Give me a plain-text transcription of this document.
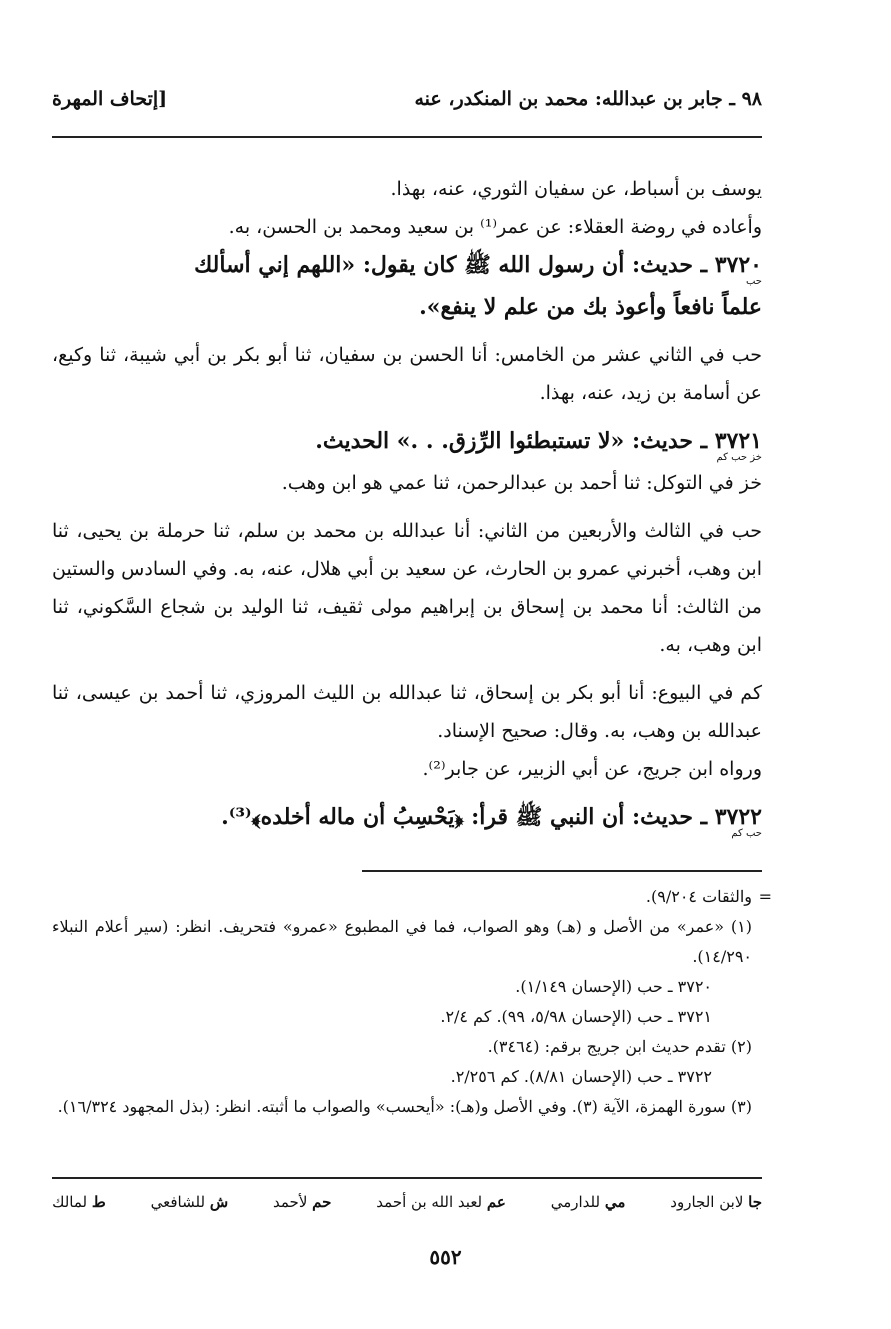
٩٨ ـ جابر بن عبدالله: محمد بن المنكدر، عنه
[إتحاف المهرة

يوسف بن أسباط، عن سفيان الثوري، عنه، بهذا.

وأعاده في روضة العقلاء: عن عمر⁽¹⁾ بن سعيد ومحمد بن الحسن، به.

٣٧٢٠ ـ حديث: أن رسول الله ﷺ كان يقول: «اللهم إني أسألك

حب

علماً نافعاً وأعوذ بك من علم لا ينفع».

حب في الثاني عشر من الخامس: أنا الحسن بن سفيان، ثنا أبو بكر بن أبي شيبة، ثنا وكيع، عن أسامة بن زيد، عنه، بهذا.

٣٧٢١ ـ حديث: «لا تستبطئوا الرِّزق. . .» الحديث.

خز حب كم

خز في التوكل: ثنا أحمد بن عبدالرحمن، ثنا عمي هو ابن وهب.

حب في الثالث والأربعين من الثاني: أنا عبدالله بن محمد بن سلم، ثنا حرملة بن يحيى، ثنا ابن وهب، أخبرني عمرو بن الحارث، عن سعيد بن أبي هلال، عنه، به. وفي السادس والستين من الثالث: أنا محمد بن إسحاق بن إبراهيم مولى ثقيف، ثنا الوليد بن شجاع السَّكوني، ثنا ابن وهب، به.

كم في البيوع: أنا أبو بكر بن إسحاق، ثنا عبدالله بن الليث المروزي، ثنا أحمد بن عيسى، ثنا عبدالله بن وهب، به. وقال: صحيح الإسناد.

ورواه ابن جريج، عن أبي الزبير، عن جابر⁽²⁾.

٣٧٢٢ ـ حديث: أن النبي ﷺ قرأ: ﴿يَحْسِبُ أن ماله أخلده﴾⁽³⁾.

حب كم

=
والثقات ٩/٢٠٤).
(١) «عمر» من الأصل و (هـ) وهو الصواب، فما في المطبوع «عمرو» فتحريف. انظر: (سير أعلام النبلاء ١٤/٢٩٠).
٣٧٢٠ ـ حب (الإحسان ١/١٤٩).
٣٧٢١ ـ حب (الإحسان ٥/٩٨، ٩٩). كم ٢/٤.
(٢) تقدم حديث ابن جريج برقم: (٣٤٦٤).
٣٧٢٢ ـ حب (الإحسان ٨/٨١). كم ٢/٢٥٦.
(٣) سورة الهمزة، الآية (٣). وفي الأصل و(هـ): «أيحسب» والصواب ما أثبته. انظر: (بذل المجهود ١٦/٣٢٤).
ط لمالك	ش للشافعي	حم لأحمد	عم لعبد الله بن أحمد	مي للدارمي	جا لابن الجارود
٥٥٢
